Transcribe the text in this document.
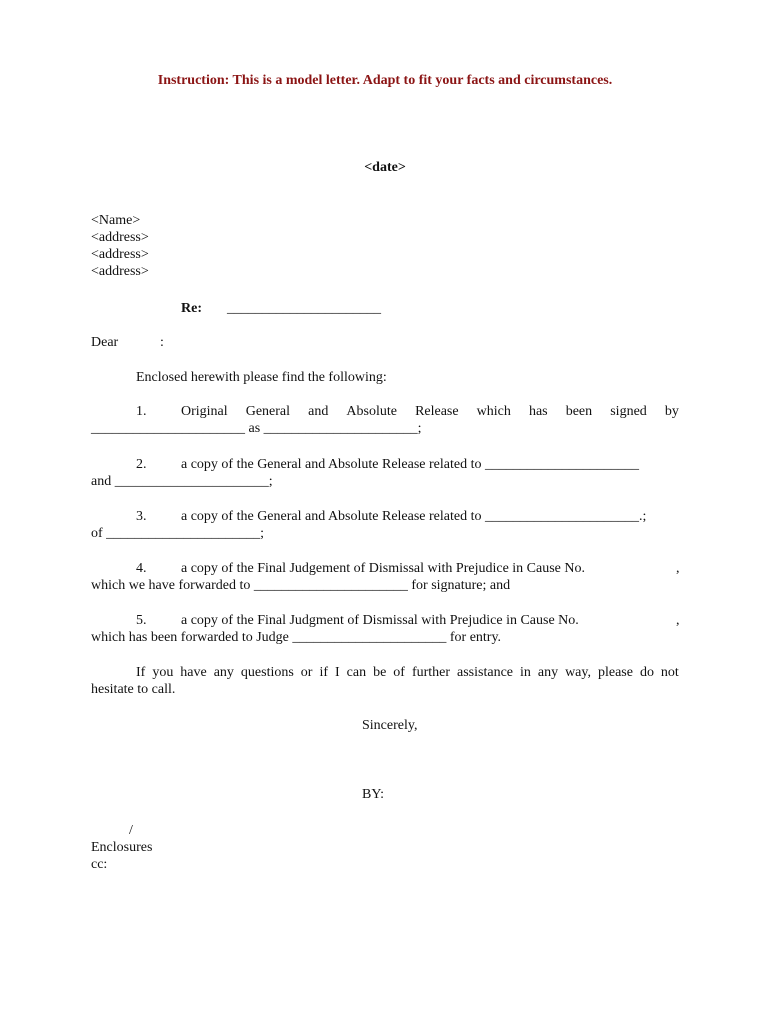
Instruction: This is a model letter. Adapt to fit your facts and circumstances.
<date>
<Name>
<address>
<address>
<address>
Re: ______________________
Dear	:
Enclosed herewith please find the following:
1. Original General and Absolute Release which has been signed by
______________________ as ______________________;
2. a copy of the General and Absolute Release related to ______________________
and ______________________;
3. a copy of the General and Absolute Release related to ______________________.;
of ______________________;
4. a copy of the Final Judgement of Dismissal with Prejudice in Cause No.	,
which we have forwarded to ______________________ for signature; and
5. a copy of the Final Judgment of Dismissal with Prejudice in Cause No.	,
which has been forwarded to Judge ______________________ for entry.
If you have any questions or if I can be of further assistance in any way, please do not
hesitate to call.
Sincerely,
BY:
/
Enclosures
cc:
